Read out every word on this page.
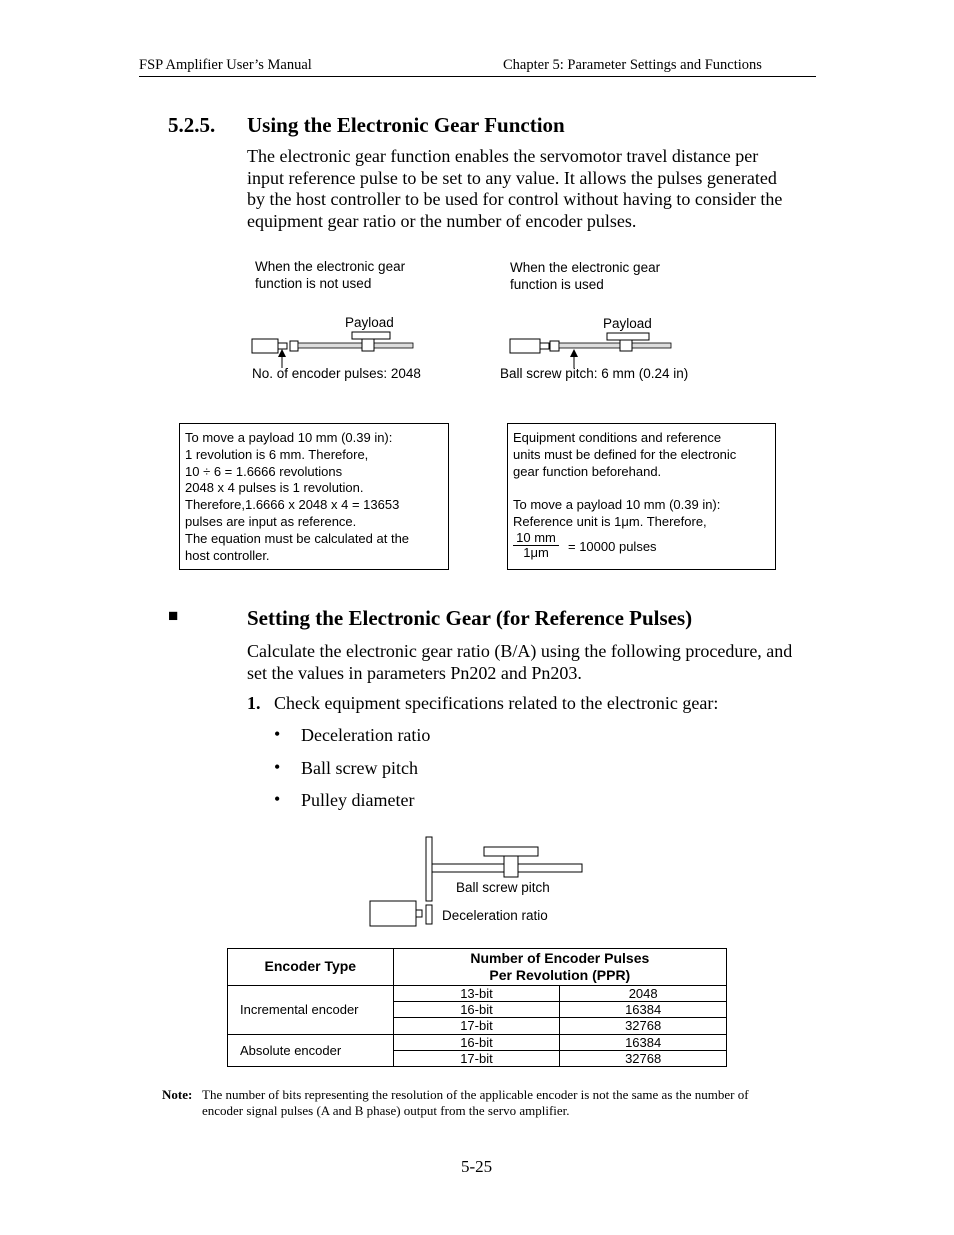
FSP Amplifier User’s Manual	Chapter 5: Parameter Settings and Functions
5.2.5. Using the Electronic Gear Function
The electronic gear function enables the servomotor travel distance per
input reference pulse to be set to any value. It allows the pulses generated
by the host controller to be used for control without having to consider the
equipment gear ratio or the number of encoder pulses.
When the electronic gear
function is not used
Payload
No. of encoder pulses: 2048
To move a payload 10 mm (0.39 in):
1 revolution is 6 mm. Therefore,
10 ÷ 6 = 1.6666 revolutions
2048 x 4 pulses is 1 revolution.
Therefore,1.6666 x 2048 x 4 = 13653
pulses are input as reference.
The equation must be calculated at the
host controller.
When the electronic gear
function is used
Payload
Ball screw pitch: 6 mm (0.24 in)
Equipment conditions and reference
units must be defined for the electronic
gear function beforehand.

To move a payload 10 mm (0.39 in):
Reference unit is 1μm. Therefore,
$\frac{10 mm}{1\mu m} = 10000$ pulses
■	Setting the Electronic Gear (for Reference Pulses)
Calculate the electronic gear ratio (B/A) using the following procedure, and
set the values in parameters Pn202 and Pn203.
1. Check equipment specifications related to the electronic gear:
• Deceleration ratio
• Ball screw pitch
• Pulley diameter
Ball screw pitch
Deceleration ratio
Encoder Type	Number of Encoder Pulses
Per Revolution (PPR)	

Incremental encoder	13-bit	2048
	16-bit	16384
	17-bit	32768
Absolute encoder	16-bit	16384
	17-bit	32768
Note: The number of bits representing the resolution of the applicable encoder is not the same as the number of
encoder signal pulses (A and B phase) output from the servo amplifier.
5-25
